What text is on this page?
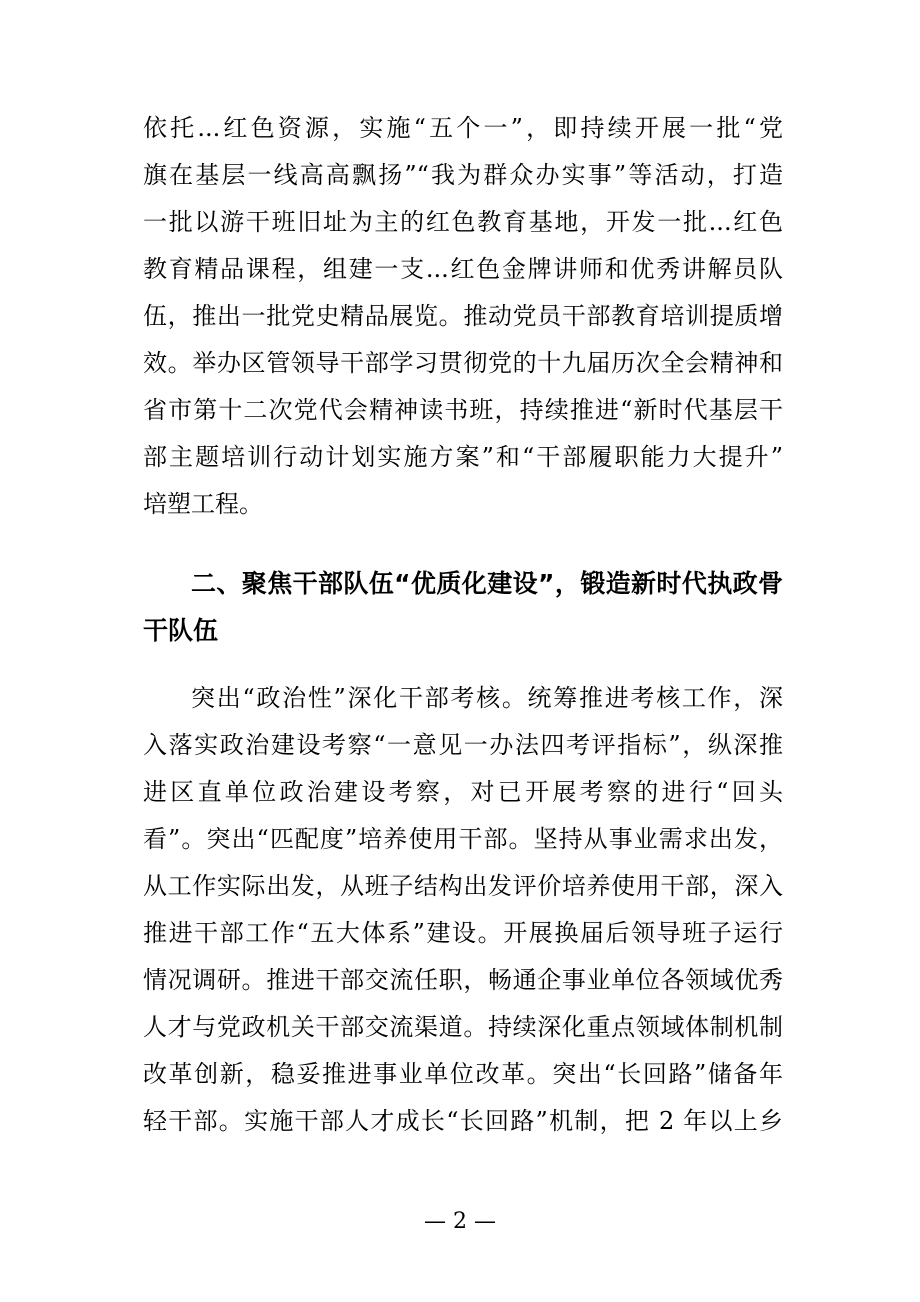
依托...红色资源，实施“五个一”，即持续开展一批“党
旗在基层一线高高飘扬”“我为群众办实事”等活动，打造
一批以游干班旧址为主的红色教育基地，开发一批...红色
教育精品课程，组建一支...红色金牌讲师和优秀讲解员队
伍，推出一批党史精品展览。推动党员干部教育培训提质增
效。举办区管领导干部学习贯彻党的十九届历次全会精神和
省市第十二次党代会精神读书班，持续推进“新时代基层干
部主题培训行动计划实施方案”和“干部履职能力大提升”
培塑工程。
二、聚焦干部队伍“优质化建设”，锻造新时代执政骨
干队伍
突出“政治性”深化干部考核。统筹推进考核工作，深
入落实政治建设考察“一意见一办法四考评指标”，纵深推
进区直单位政治建设考察，对已开展考察的进行“回头
看”。突出“匹配度”培养使用干部。坚持从事业需求出发，
从工作实际出发，从班子结构出发评价培养使用干部，深入
推进干部工作“五大体系”建设。开展换届后领导班子运行
情况调研。推进干部交流任职，畅通企事业单位各领域优秀
人才与党政机关干部交流渠道。持续深化重点领域体制机制
改革创新，稳妥推进事业单位改革。突出“长回路”储备年
轻干部。实施干部人才成长“长回路”机制，把 2 年以上乡
— 2 —
